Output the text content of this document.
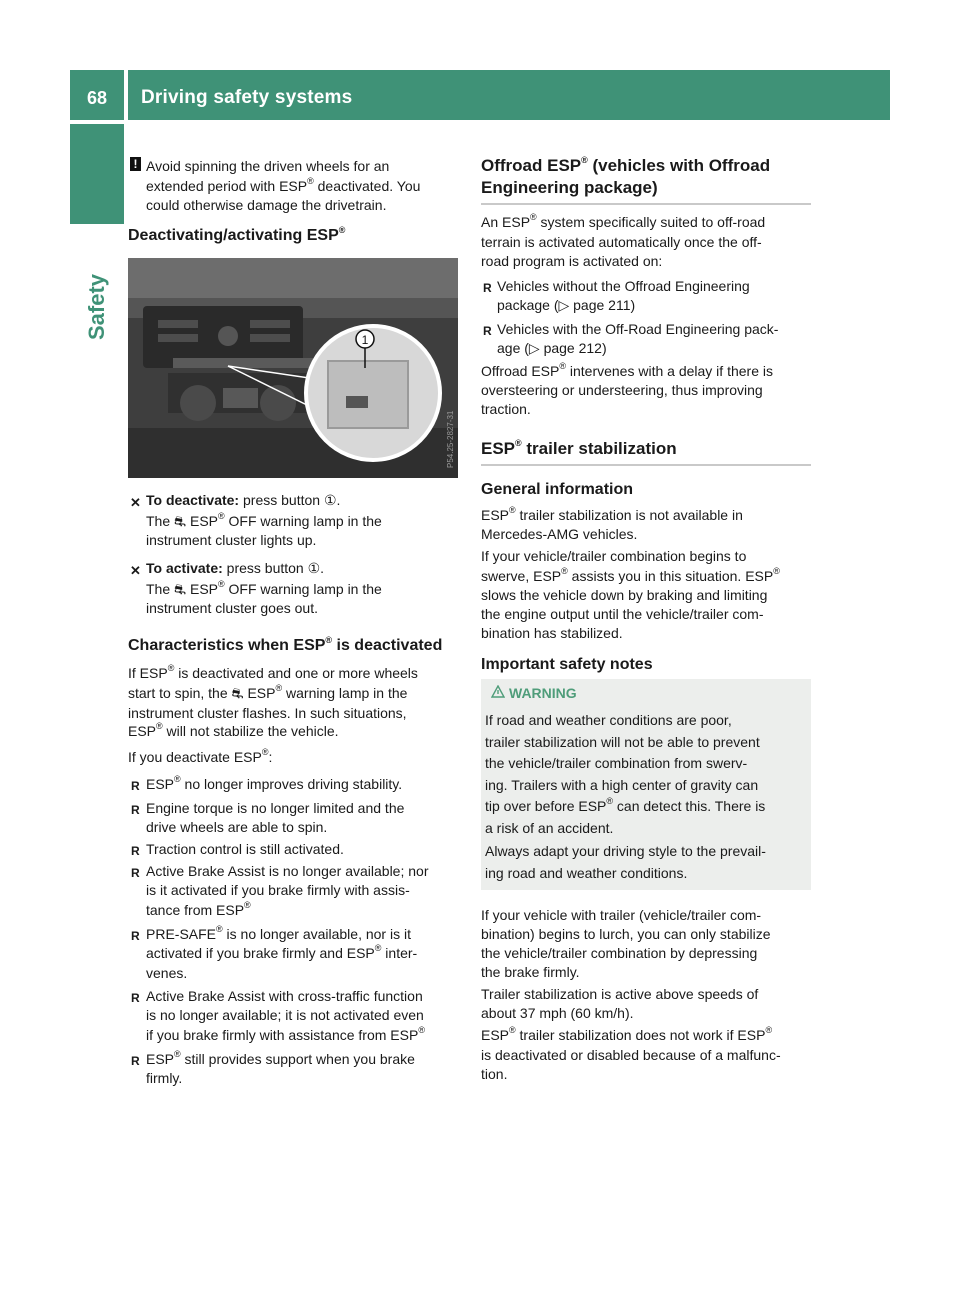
68 Driving safety systems
Safety
! Avoid spinning the driven wheels for an

extended period with ESP® deactivated. You

could otherwise damage the drivetrain.

Deactivating/activating ESP®

1
P54.25-2827-31
✕ To deactivate: press button ①.

The ⛐ ESP® OFF warning lamp in the

instrument cluster lights up.

✕ To activate: press button ①.

The ⛐ ESP® OFF warning lamp in the

instrument cluster goes out.

Characteristics when ESP® is deactivated

If ESP® is deactivated and one or more wheels

start to spin, the ⛐ ESP® warning lamp in the

instrument cluster flashes. In such situations,

ESP® will not stabilize the vehicle.

If you deactivate ESP®:

R ESP® no longer improves driving stability.

R Engine torque is no longer limited and the

drive wheels are able to spin.

R Traction control is still activated.

R Active Brake Assist is no longer available; nor

is it activated if you brake firmly with assis-

tance from ESP®

R PRE-SAFE® is no longer available, nor is it

activated if you brake firmly and ESP® inter-

venes.

R Active Brake Assist with cross-traffic function

is no longer available; it is not activated even

if you brake firmly with assistance from ESP®

R ESP® still provides support when you brake

firmly.

Offroad ESP® (vehicles with Offroad

Engineering package)

An ESP® system specifically suited to off-road

terrain is activated automatically once the off-

road program is activated on:

R Vehicles without the Offroad Engineering

package (▷ page 211)

R Vehicles with the Off-Road Engineering pack-

age (▷ page 212)

Offroad ESP® intervenes with a delay if there is

oversteering or understeering, thus improving

traction.

ESP® trailer stabilization

General information

ESP® trailer stabilization is not available in

Mercedes-AMG vehicles.

If your vehicle/trailer combination begins to

swerve, ESP® assists you in this situation. ESP®

slows the vehicle down by braking and limiting

the engine output until the vehicle/trailer com-

bination has stabilized.

Important safety notes

WARNING

If road and weather conditions are poor,

trailer stabilization will not be able to prevent

the vehicle/trailer combination from swerv-

ing. Trailers with a high center of gravity can

tip over before ESP® can detect this. There is

a risk of an accident.

Always adapt your driving style to the prevail-

ing road and weather conditions.

If your vehicle with trailer (vehicle/trailer com-

bination) begins to lurch, you can only stabilize

the vehicle/trailer combination by depressing

the brake firmly.

Trailer stabilization is active above speeds of

about 37 mph (60 km/h).

ESP® trailer stabilization does not work if ESP®

is deactivated or disabled because of a malfunc-

tion.
